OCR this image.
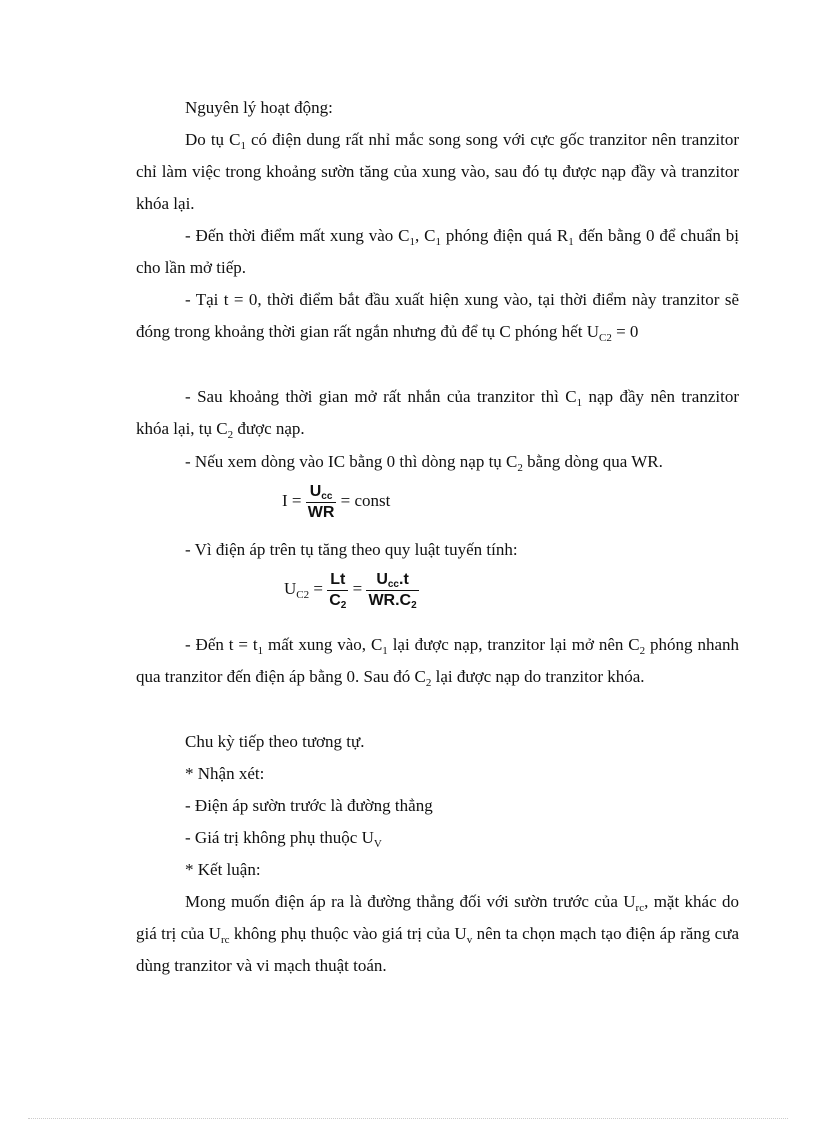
Nguyên lý hoạt động:

Do tụ $C_1$ có điện dung rất nhỉ mắc song song với cực gốc tranzitor nên tranzitor chỉ làm việc trong khoảng sườn tăng của xung vào, sau đó tụ được nạp đầy và tranzitor khóa lại.

- Đến thời điểm mất xung vào $C_1$, $C_1$ phóng điện quá $R_1$ đến bằng 0 để chuẩn bị cho lần mở tiếp.

- Tại t = 0, thời điểm bắt đầu xuất hiện xung vào, tại thời điểm này tranzitor sẽ đóng trong khoảng thời gian rất ngắn nhưng đủ để tụ C phóng hết $U_{C2} = 0$

- Sau khoảng thời gian mở rất nhắn của tranzitor thì $C_1$ nạp đầy nên tranzitor khóa lại, tụ $C_2$ được nạp.

- Nếu xem dòng vào IC bằng 0 thì dòng nạp tụ $C_2$ bằng dòng qua WR.

$I = \frac{\text{Ucc}}{WR}$ = const

- Vì điện áp trên tụ tăng theo quy luật tuyến tính:

$U_{C2} = \frac{Lt}{C2} = \frac{\text{Ucc.t}}{WR.C2}$

- Đến $t = t_1$ mất xung vào, $C_1$ lại được nạp, tranzitor lại mở nên $C_2$ phóng nhanh qua tranzitor đến điện áp bằng 0. Sau đó $C_2$ lại được nạp do tranzitor khóa.

Chu kỳ tiếp theo tương tự.

* Nhận xét:

- Điện áp sườn trước là đường thẳng

- Giá trị không phụ thuộc $U_V$

* Kết luận:

Mong muốn điện áp ra là đường thẳng đối với sườn trước của $U_{rc}$, mặt khác do giá trị của $U_{rc}$ không phụ thuộc vào giá trị của $U_v$ nên ta chọn mạch tạo điện áp răng cưa dùng tranzitor và vi mạch thuật toán.
